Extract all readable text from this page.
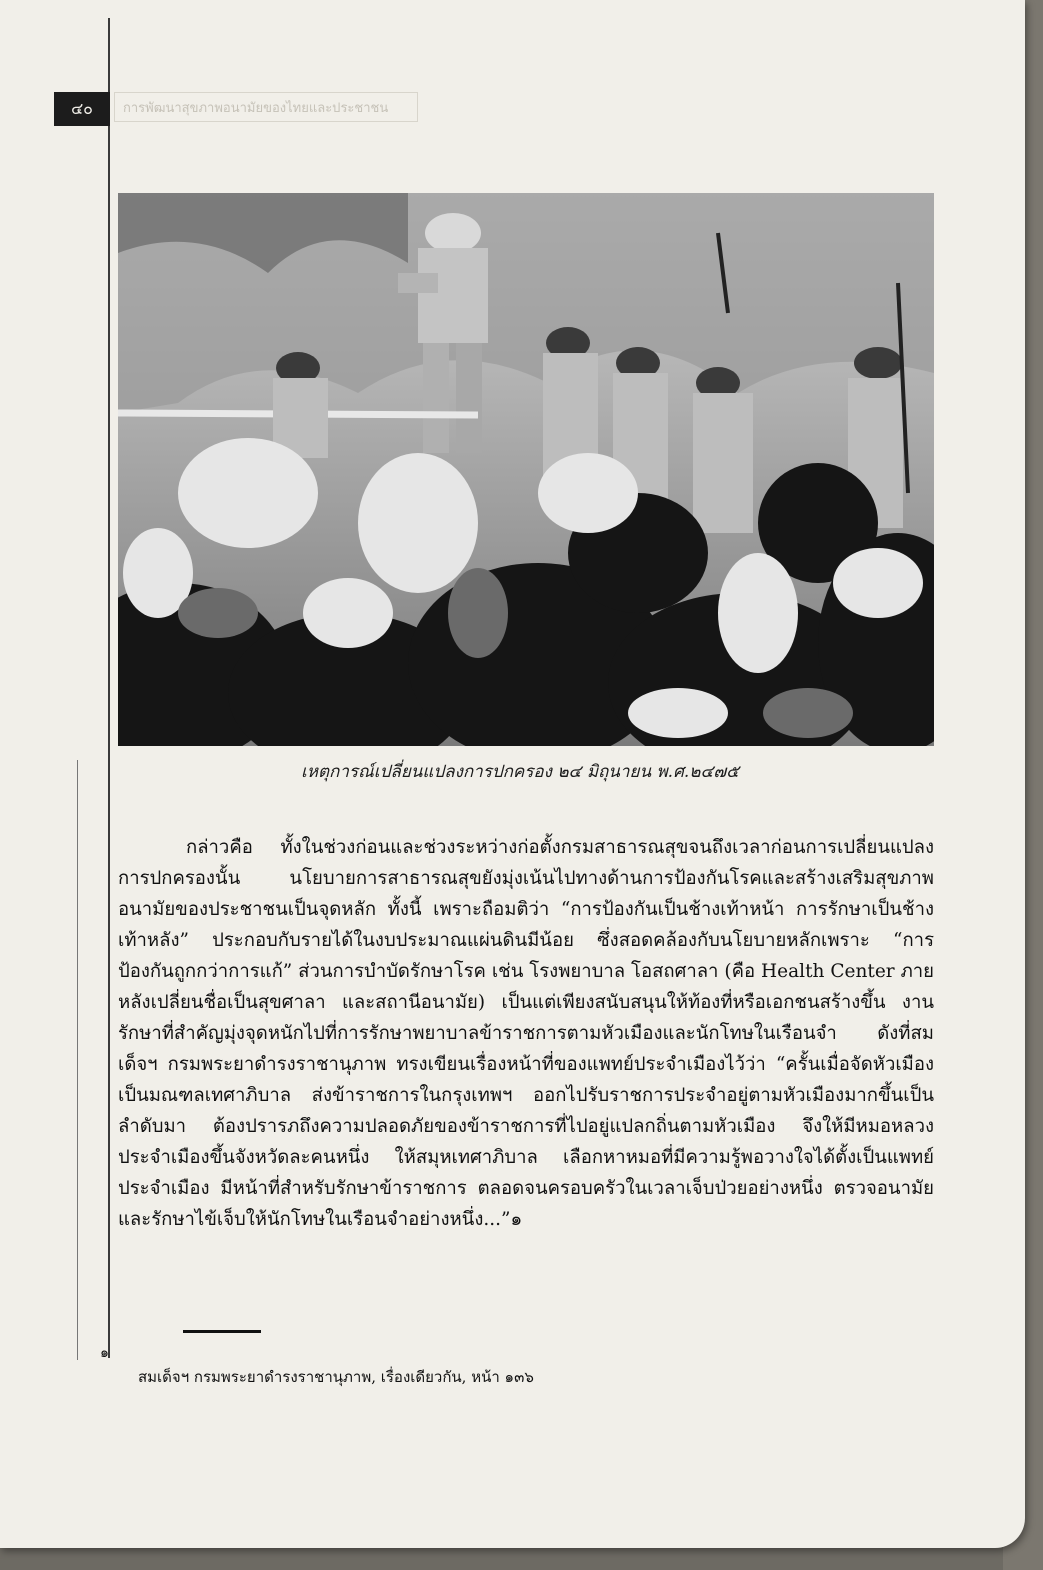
๔๐	การพัฒนาสุขภาพอนามัยของไทยและประชาชน
เหตุการณ์เปลี่ยนแปลงการปกครอง ๒๔ มิถุนายน พ.ศ.๒๔๗๕

กล่าวคือ ทั้งในช่วงก่อนและช่วงระหว่างก่อตั้งกรมสาธารณสุขจนถึงเวลาก่อนการเปลี่ยนแปลงการปกครองนั้น นโยบายการสาธารณสุขยังมุ่งเน้นไปทางด้านการป้องกันโรคและสร้างเสริมสุขภาพอนามัยของประชาชนเป็นจุดหลัก ทั้งนี้ เพราะถือมติว่า “การป้องกันเป็นช้างเท้าหน้า การรักษาเป็นช้างเท้าหลัง” ประกอบกับรายได้ในงบประมาณแผ่นดินมีน้อย ซึ่งสอดคล้องกับนโยบายหลักเพราะ “การป้องกันถูกกว่าการแก้” ส่วนการบำบัดรักษาโรค เช่น โรงพยาบาล โอสถศาลา (คือ Health Center ภายหลังเปลี่ยนชื่อเป็นสุขศาลา และสถานีอนามัย) เป็นแต่เพียงสนับสนุนให้ท้องที่หรือเอกชนสร้างขึ้น งานรักษาที่สำคัญมุ่งจุดหนักไปที่การรักษาพยาบาลข้าราชการตามหัวเมืองและนักโทษในเรือนจำ ดังที่สมเด็จฯ กรมพระยาดำรงราชานุภาพ ทรงเขียนเรื่องหน้าที่ของแพทย์ประจำเมืองไว้ว่า “ครั้นเมื่อจัดหัวเมืองเป็นมณฑลเทศาภิบาล ส่งข้าราชการในกรุงเทพฯ ออกไปรับราชการประจำอยู่ตามหัวเมืองมากขึ้นเป็นลำดับมา ต้องปรารภถึงความปลอดภัยของข้าราชการที่ไปอยู่แปลกถิ่นตามหัวเมือง จึงให้มีหมอหลวงประจำเมืองขึ้นจังหวัดละคนหนึ่ง ให้สมุหเทศาภิบาล เลือกหาหมอที่มีความรู้พอวางใจได้ตั้งเป็นแพทย์ประจำเมือง มีหน้าที่สำหรับรักษาข้าราชการ ตลอดจนครอบครัวในเวลาเจ็บป่วยอย่างหนึ่ง ตรวจอนามัยและรักษาไข้เจ็บให้นักโทษในเรือนจำอย่างหนึ่ง...”๑

๑
สมเด็จฯ กรมพระยาดำรงราชานุภาพ, เรื่องเดียวกัน, หน้า ๑๓๖
